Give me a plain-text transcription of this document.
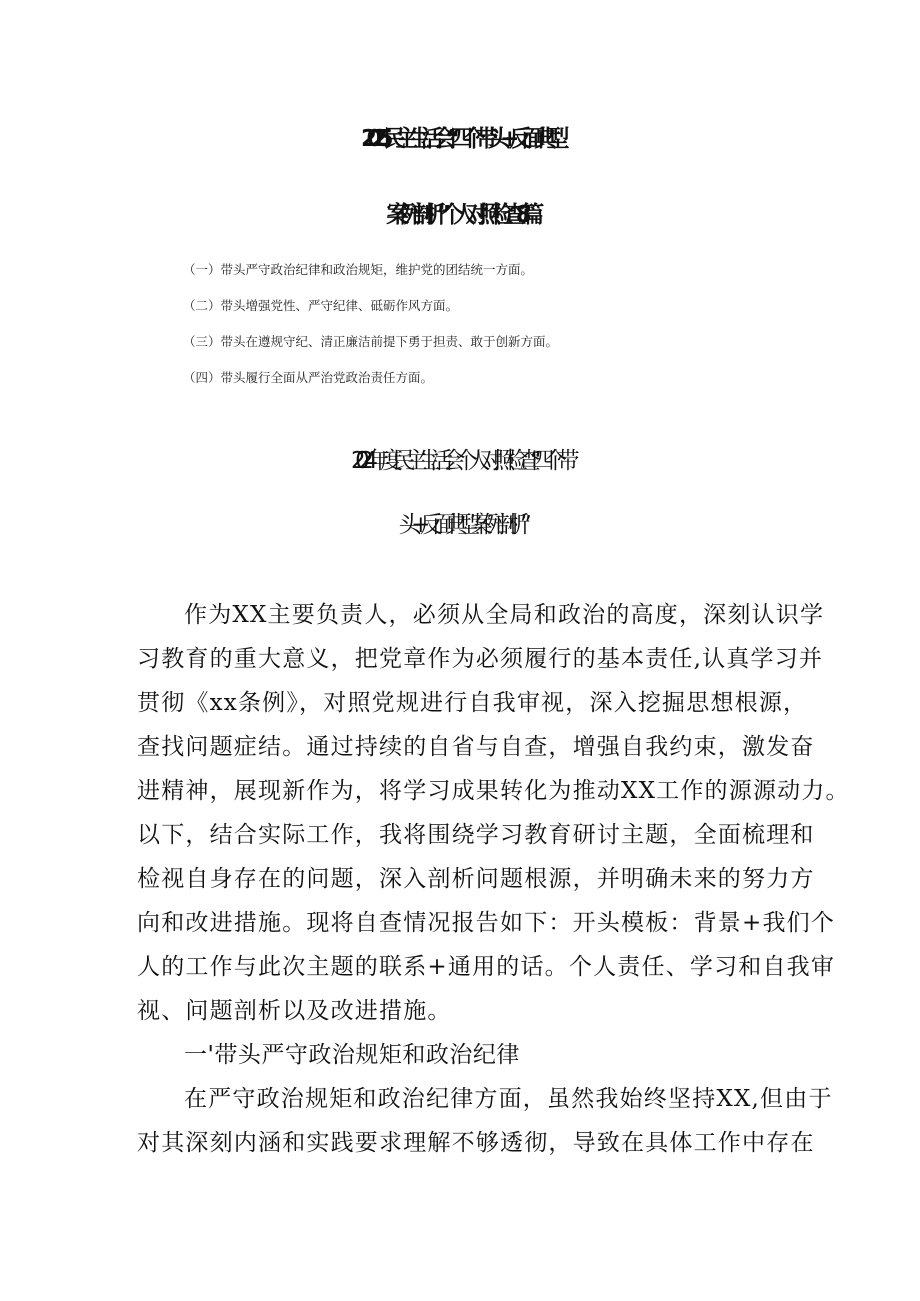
2025民主生活会“四个带头+反面典型
案例剖析”个人对照检查8篇
（一）带头严守政治纪律和政治规矩，维护党的团结统一方面。
（二）带头增强党性、严守纪律、砥砺作风方面。
（三）带头在遵规守纪、清正廉洁前提下勇于担责、敢于创新方面。
（四）带头履行全面从严治党政治责任方面。
2024年度民主生活会个人对照检查“四个带
头+反面典型案例剖析”
作为XX主要负责人，必须从全局和政治的高度，深刻认识学
习教育的重大意义，把党章作为必须履行的基本责任,认真学习并
贯彻《xx条例》，对照党规进行自我审视，深入挖掘思想根源，
查找问题症结。通过持续的自省与自查，增强自我约束，激发奋
进精神，展现新作为，将学习成果转化为推动XX工作的源源动力。
以下，结合实际工作，我将围绕学习教育研讨主题，全面梳理和
检视自身存在的问题，深入剖析问题根源，并明确未来的努力方
向和改进措施。现将自查情况报告如下：开头模板：背景+我们个
人的工作与此次主题的联系+通用的话。个人责任、学习和自我审
视、问题剖析以及改进措施。
一'带头严守政治规矩和政治纪律
在严守政治规矩和政治纪律方面，虽然我始终坚持XX,但由于
对其深刻内涵和实践要求理解不够透彻，导致在具体工作中存在
